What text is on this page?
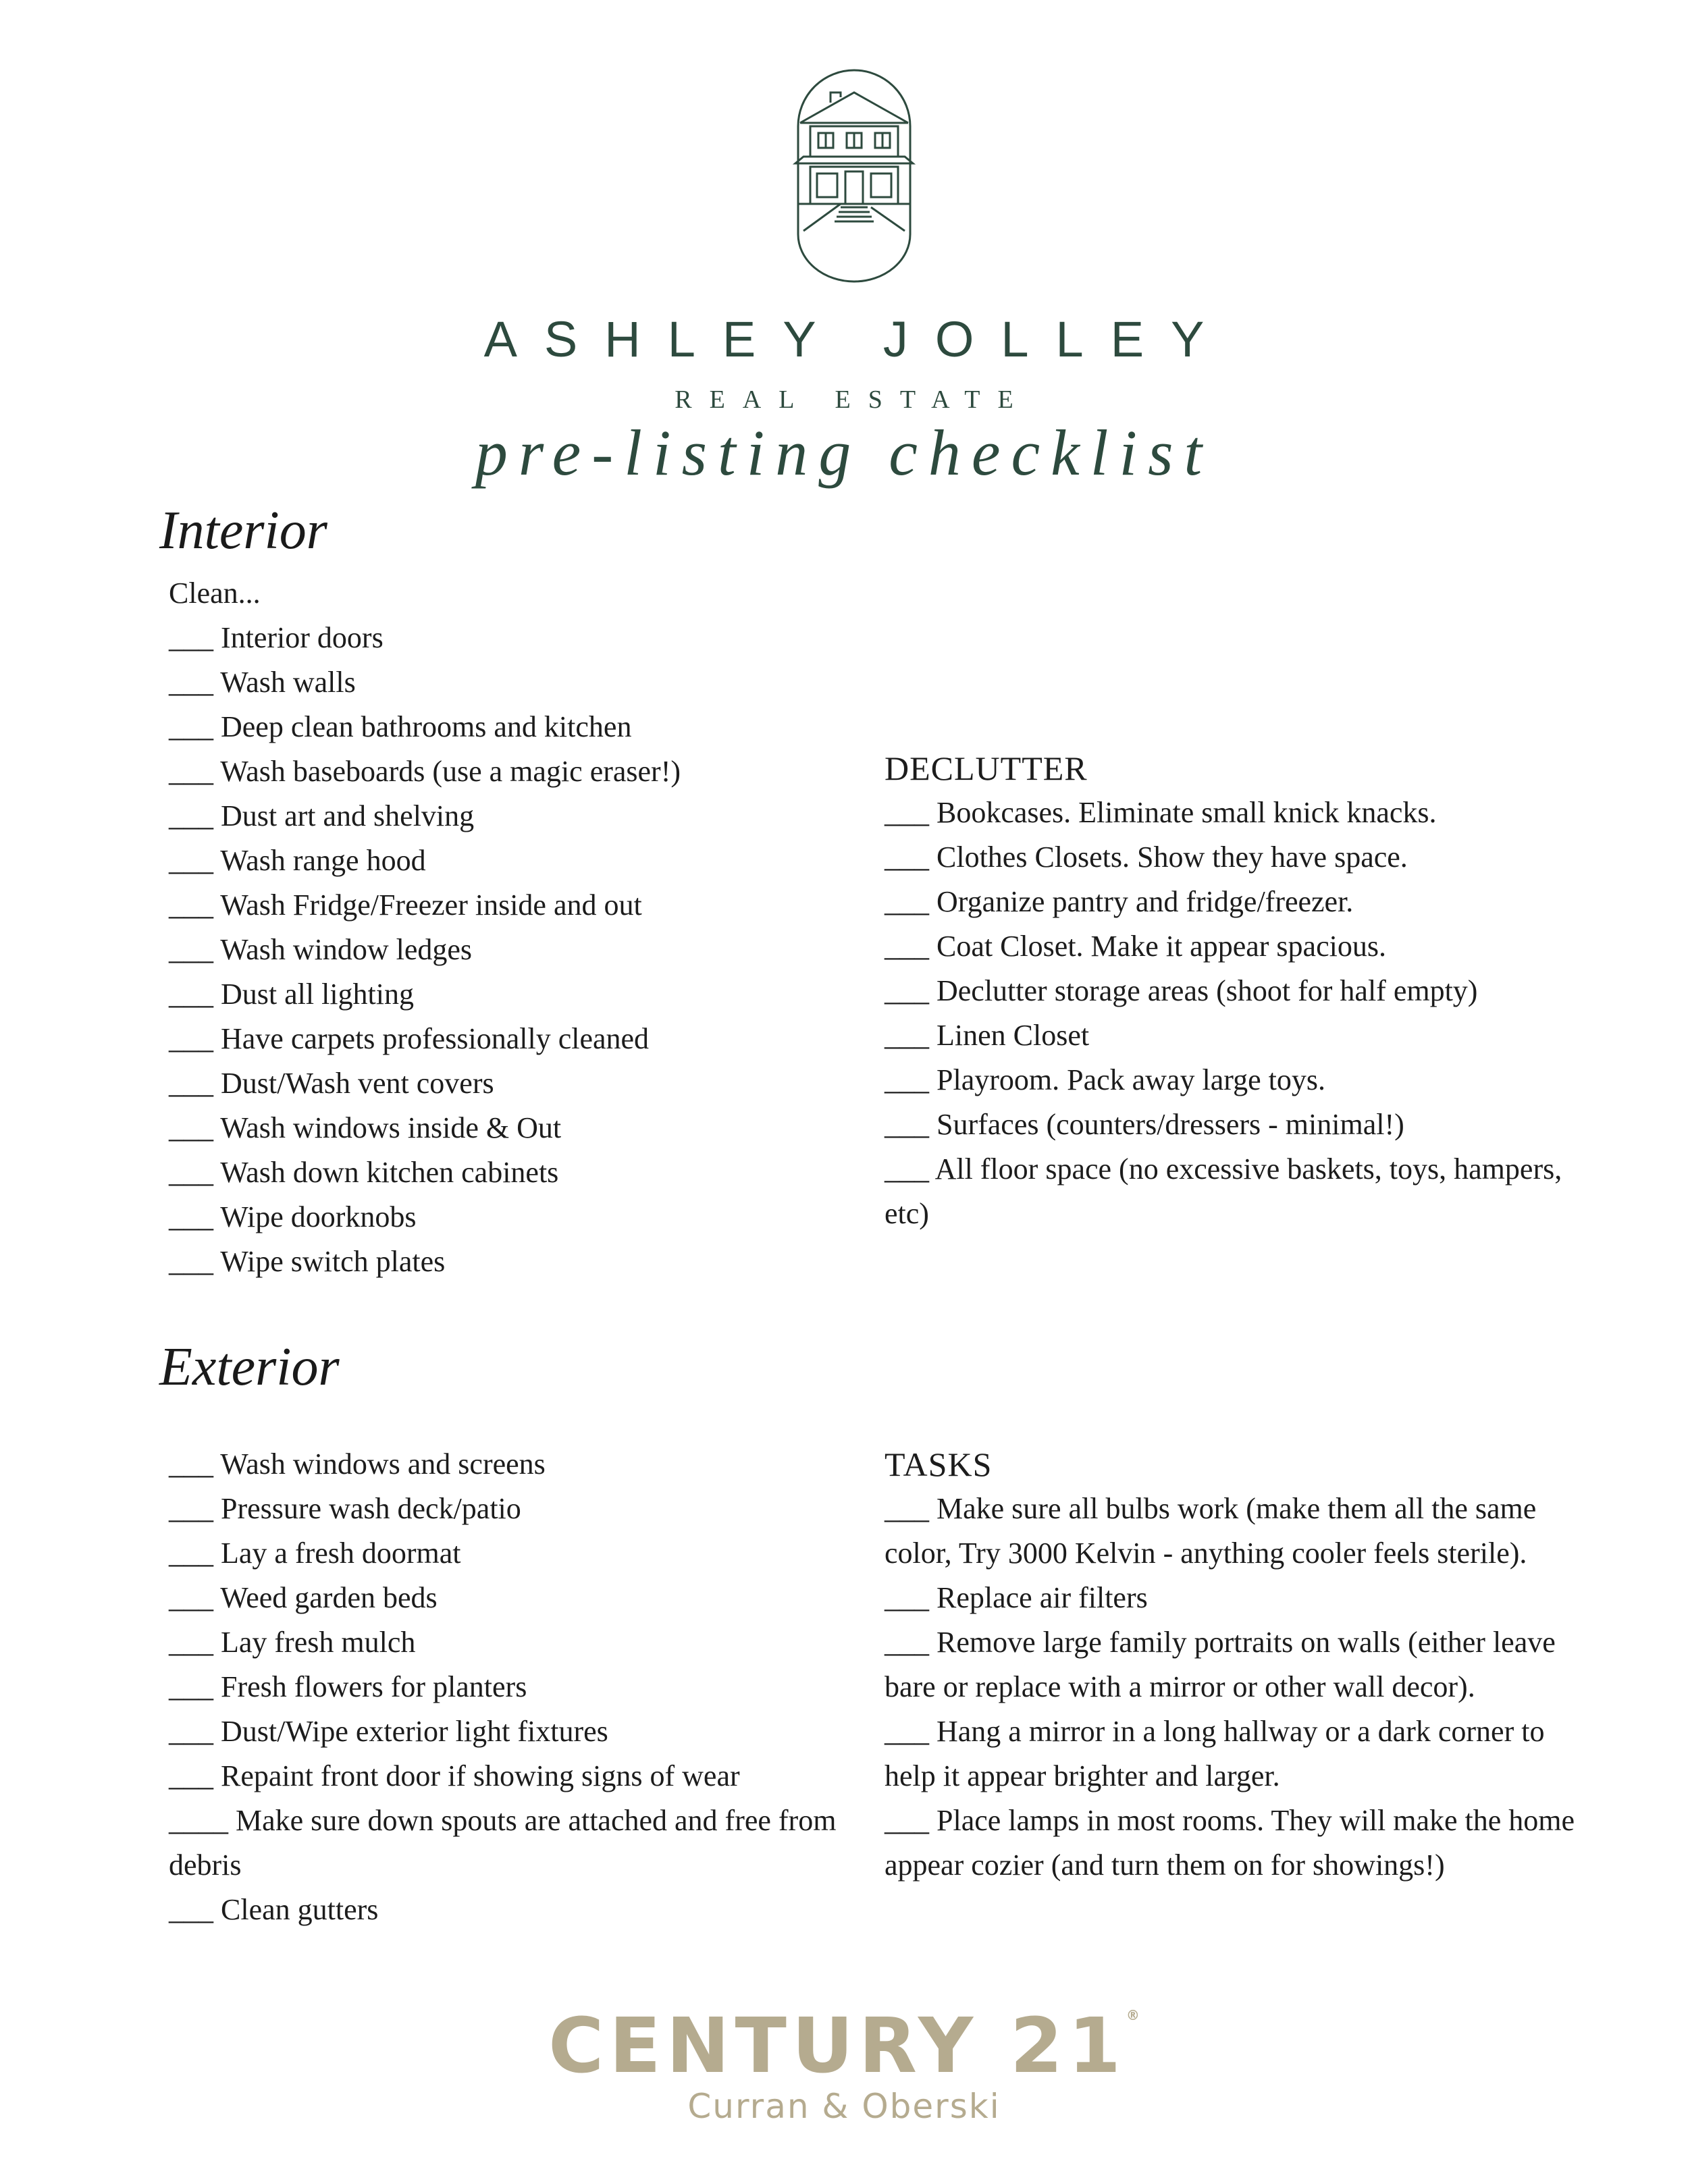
ASHLEY JOLLEY
REAL ESTATE
pre-listing checklist
Interior
Clean...
___ Interior doors
___ Wash walls
___ Deep clean bathrooms and kitchen
___ Wash baseboards (use a magic eraser!)
___ Dust art and shelving
___ Wash range hood
___ Wash Fridge/Freezer inside and out
___ Wash window ledges
___ Dust all lighting
___ Have carpets professionally cleaned
___ Dust/Wash vent covers
___ Wash windows inside & Out
___ Wash down kitchen cabinets
___ Wipe doorknobs
___ Wipe switch plates
DECLUTTER
___ Bookcases. Eliminate small knick knacks.
___ Clothes Closets. Show they have space.
___ Organize pantry and fridge/freezer.
___ Coat Closet. Make it appear spacious.
___ Declutter storage areas (shoot for half empty)
___ Linen Closet
___ Playroom. Pack away large toys.
___ Surfaces (counters/dressers - minimal!)
___ All floor space (no excessive baskets, toys, hampers, etc)
Exterior
___ Wash windows and screens
___ Pressure wash deck/patio
___ Lay a fresh doormat
___ Weed garden beds
___ Lay fresh mulch
___ Fresh flowers for planters
___ Dust/Wipe exterior light fixtures
___ Repaint front door if showing signs of wear
____ Make sure down spouts are attached and free from debris
___ Clean gutters
TASKS
___ Make sure all bulbs work (make them all the same color, Try 3000 Kelvin - anything cooler feels sterile).
___ Replace air filters
___ Remove large family portraits on walls (either leave bare or replace with a mirror or other wall decor).
___ Hang a mirror in a long hallway or a dark corner to help it appear brighter and larger.
___ Place lamps in most rooms. They will make the home appear cozier (and turn them on for showings!)
CENTURY 21®
Curran & Oberski
